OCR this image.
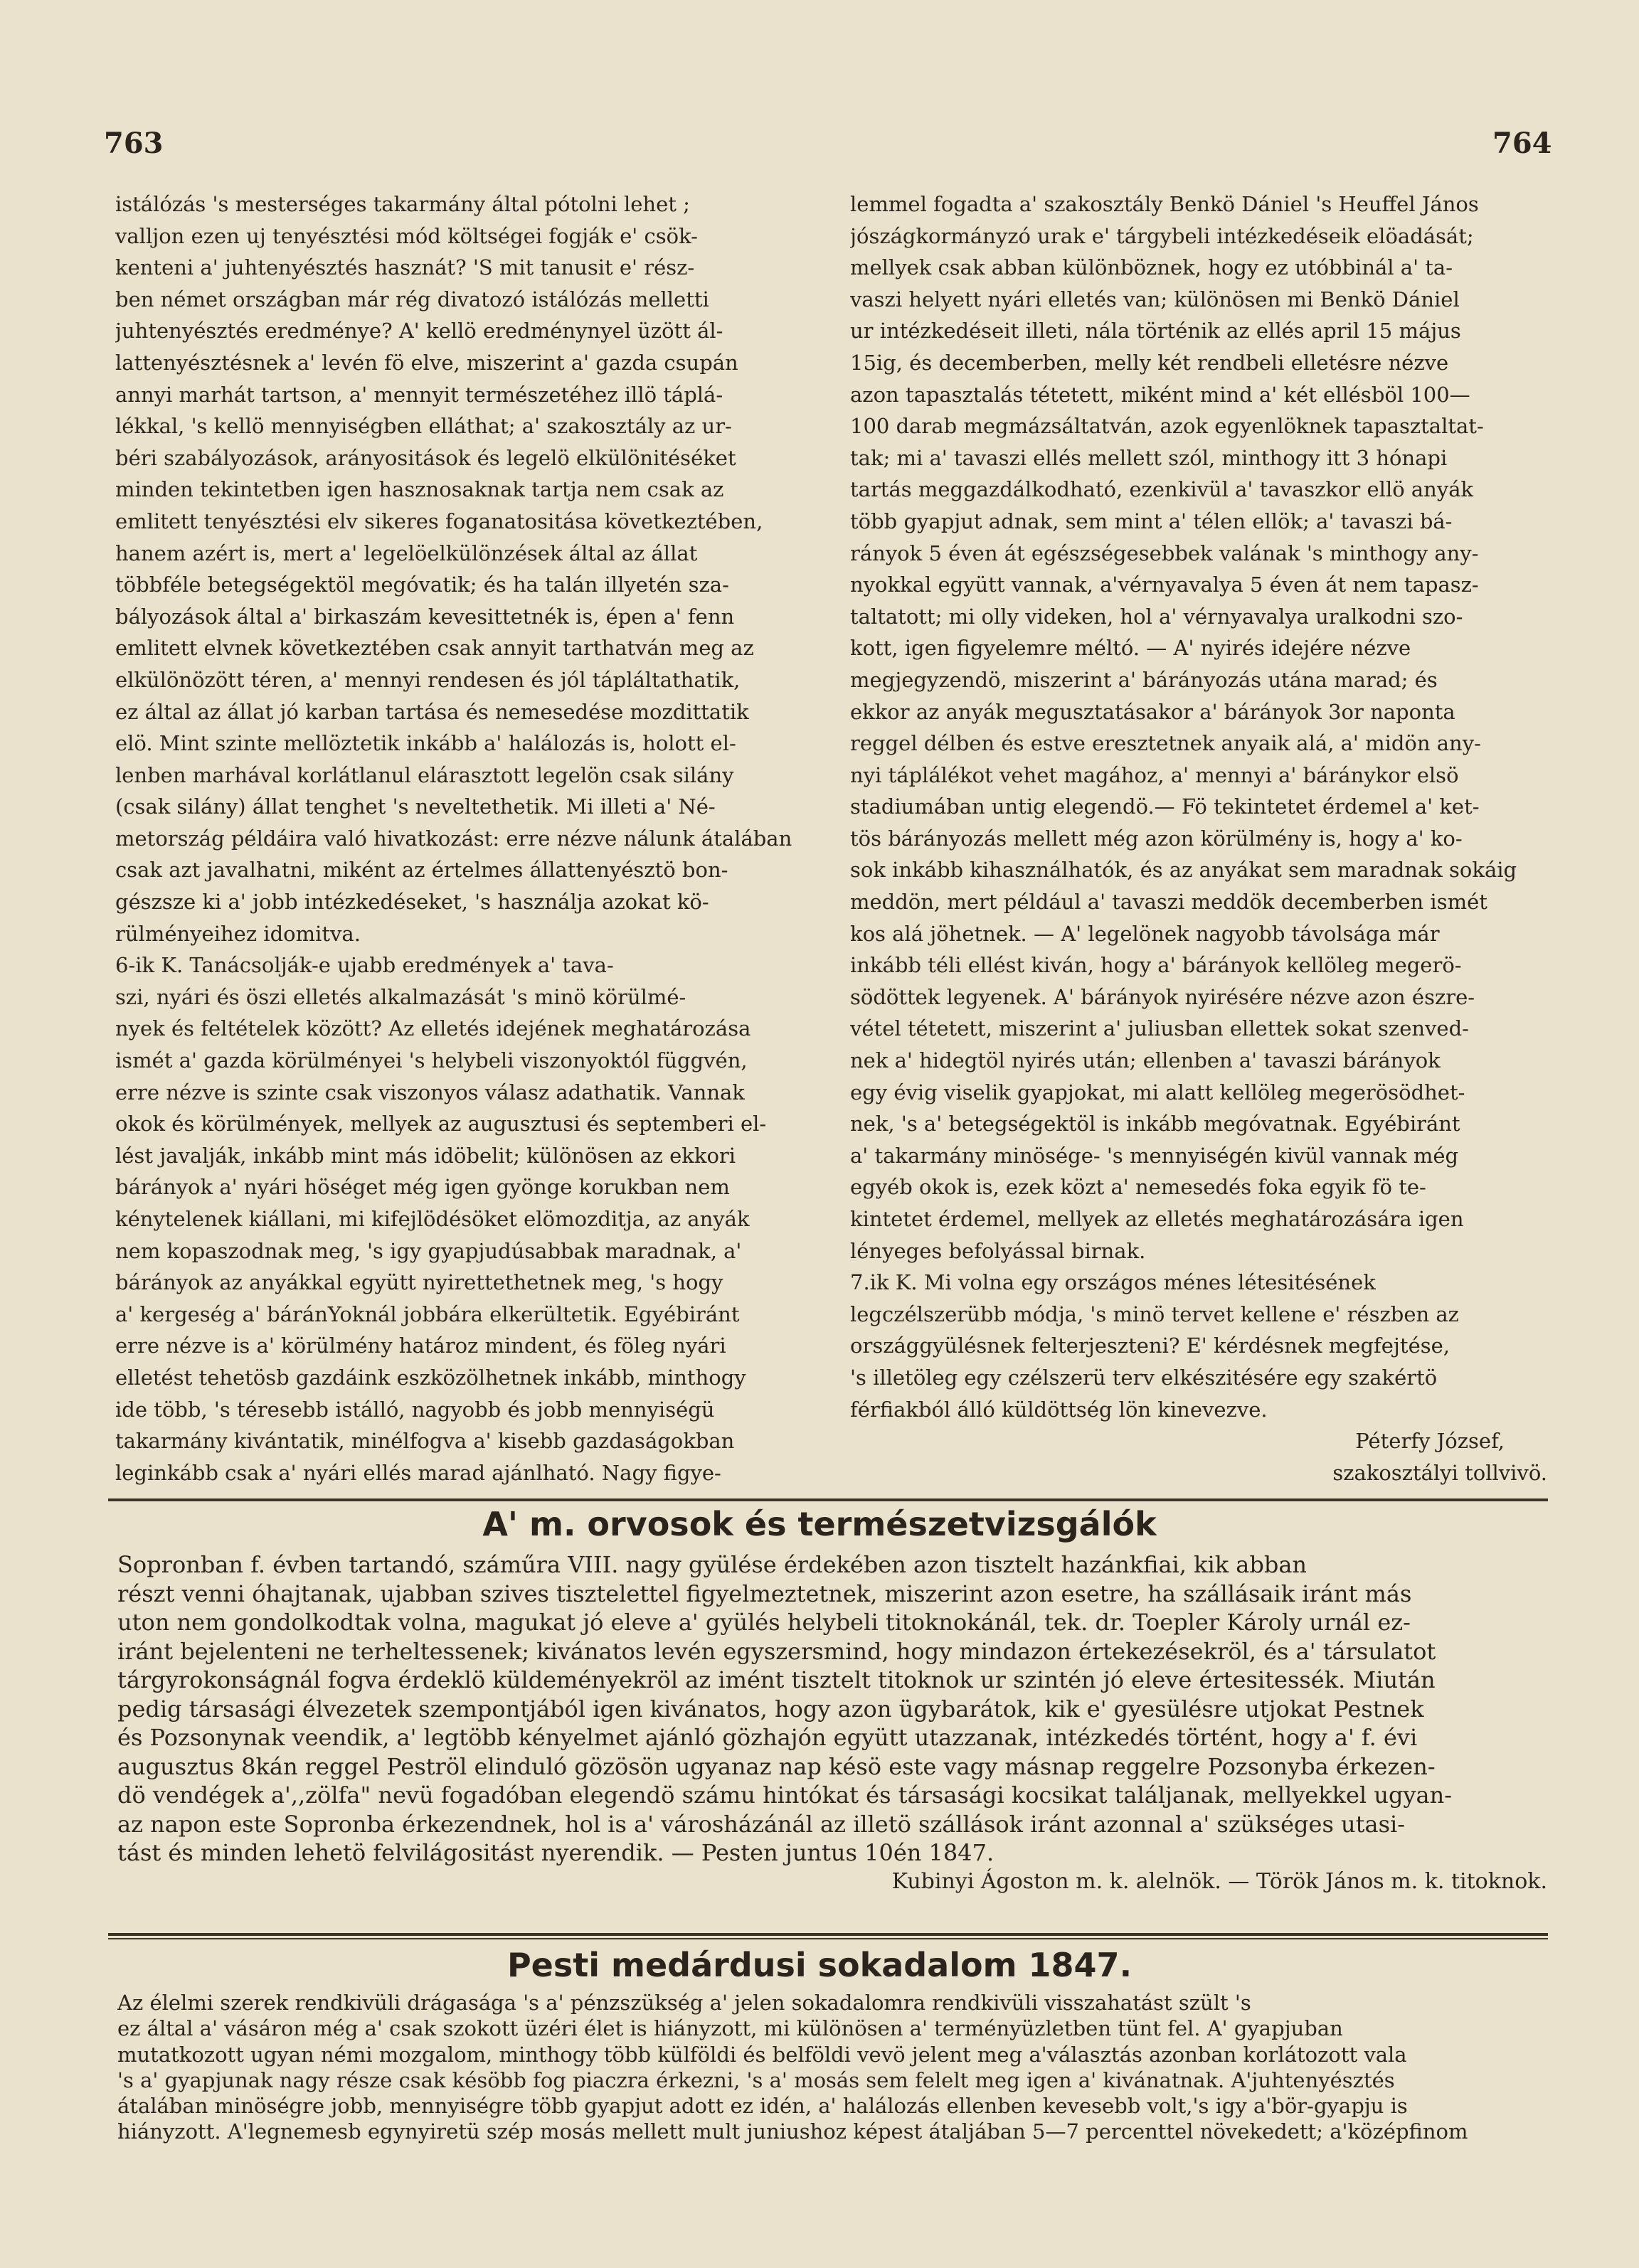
763	764
istálózás 's mesterséges takarmány által pótolni lehet ;
valljon ezen uj tenyésztési mód költségei fogják e' csök-
kenteni a' juhtenyésztés hasznát? 'S mit tanusit e' rész-
ben német országban már rég divatozó istálózás melletti
juhtenyésztés eredménye? A' kellö eredménynyel üzött ál-
lattenyésztésnek a' levén fö elve, miszerint a' gazda csupán
annyi marhát tartson, a' mennyit természetéhez illö táplá-
lékkal, 's kellö mennyiségben elláthat; a' szakosztály az ur-
béri szabályozások, arányositások és legelö elkülönitéséket
minden tekintetben igen hasznosaknak tartja nem csak az
emlitett tenyésztési elv sikeres foganatositása következtében,
hanem azért is, mert a' legelöelkülönzések által az állat
többféle betegségektöl megóvatik; és ha talán illyetén sza-
bályozások által a' birkaszám kevesittetnék is, épen a' fenn
emlitett elvnek következtében csak annyit tarthatván meg az
elkülönözött téren, a' mennyi rendesen és jól tápláltathatik,
ez által az állat jó karban tartása és nemesedése mozdittatik
elö. Mint szinte mellöztetik inkább a' halálozás is, holott el-
lenben marhával korlátlanul elárasztott legelön csak silány
(csak silány) állat tenghet 's neveltethetik. Mi illeti a' Né-
metország példáira való hivatkozást: erre nézve nálunk átalában
csak azt javalhatni, miként az értelmes állattenyésztö bon-
gészsze ki a' jobb intézkedéseket, 's használja azokat kö-
rülményeihez idomitva.
6-ik K. Tanácsolják-e ujabb eredmények a' tava-
szi, nyári és öszi elletés alkalmazását 's minö körülmé-
nyek és feltételek között? Az elletés idejének meghatározása
ismét a' gazda körülményei 's helybeli viszonyoktól függvén,
erre nézve is szinte csak viszonyos válasz adathatik. Vannak
okok és körülmények, mellyek az augusztusi és septemberi el-
lést javalják, inkább mint más idöbelit; különösen az ekkori
bárányok a' nyári höséget még igen gyönge korukban nem
kénytelenek kiállani, mi kifejlödésöket elömozditja, az anyák
nem kopaszodnak meg, 's igy gyapjudúsabbak maradnak, a'
bárányok az anyákkal együtt nyirettethetnek meg, 's hogy
a' kergeség a' báránYoknál jobbára elkerültetik. Egyébiránt
erre nézve is a' körülmény határoz mindent, és föleg nyári
elletést tehetösb gazdáink eszközölhetnek inkább, minthogy
ide több, 's téresebb istálló, nagyobb és jobb mennyiségü
takarmány kivántatik, minélfogva a' kisebb gazdaságokban
leginkább csak a' nyári ellés marad ajánlható. Nagy figye-
lemmel fogadta a' szakosztály Benkö Dániel 's Heuffel János
jószágkormányzó urak e' tárgybeli intézkedéseik elöadását;
mellyek csak abban különböznek, hogy ez utóbbinál a' ta-
vaszi helyett nyári elletés van; különösen mi Benkö Dániel
ur intézkedéseit illeti, nála történik az ellés april 15 május
15ig, és decemberben, melly két rendbeli elletésre nézve
azon tapasztalás tétetett, miként mind a' két ellésböl 100—
100 darab megmázsáltatván, azok egyenlöknek tapasztaltat-
tak; mi a' tavaszi ellés mellett szól, minthogy itt 3 hónapi
tartás meggazdálkodható, ezenkivül a' tavaszkor ellö anyák
több gyapjut adnak, sem mint a' télen ellök; a' tavaszi bá-
rányok 5 éven át egészségesebbek valának 's minthogy any-
nyokkal együtt vannak, a'vérnyavalya 5 éven át nem tapasz-
taltatott; mi olly videken, hol a' vérnyavalya uralkodni szo-
kott, igen figyelemre méltó. — A' nyirés idejére nézve
megjegyzendö, miszerint a' bárányozás utána marad; és
ekkor az anyák megusztatásakor a' bárányok 3or naponta
reggel délben és estve eresztetnek anyaik alá, a' midön any-
nyi táplálékot vehet magához, a' mennyi a' báránykor elsö
stadiumában untig elegendö.— Fö tekintetet érdemel a' ket-
tös bárányozás mellett még azon körülmény is, hogy a' ko-
sok inkább kihasználhatók, és az anyákat sem maradnak sokáig
meddön, mert például a' tavaszi meddök decemberben ismét
kos alá jöhetnek. — A' legelönek nagyobb távolsága már
inkább téli ellést kiván, hogy a' bárányok kellöleg megerö-
södöttek legyenek. A' bárányok nyirésére nézve azon észre-
vétel tétetett, miszerint a' juliusban ellettek sokat szenved-
nek a' hidegtöl nyirés után; ellenben a' tavaszi bárányok
egy évig viselik gyapjokat, mi alatt kellöleg megerösödhet-
nek, 's a' betegségektöl is inkább megóvatnak. Egyébiránt
a' takarmány minösége- 's mennyiségén kivül vannak még
egyéb okok is, ezek közt a' nemesedés foka egyik fö te-
kintetet érdemel, mellyek az elletés meghatározására igen
lényeges befolyással birnak.
7.ik K. Mi volna egy országos ménes létesitésének
legczélszerübb módja, 's minö tervet kellene e' részben az
országgyülésnek felterjeszteni? E' kérdésnek megfejtése,
's illetöleg egy czélszerü terv elkészitésére egy szakértö
férfiakból álló küldöttség lön kinevezve.
Péterfy József,
szakosztályi tollvivö.
A' m. orvosok és természetvizsgálók
Sopronban f. évben tartandó, száműra VIII. nagy gyülése érdekében azon tisztelt hazánkfiai, kik abban
részt venni óhajtanak, ujabban szives tisztelettel figyelmeztetnek, miszerint azon esetre, ha szállásaik iránt más
uton nem gondolkodtak volna, magukat jó eleve a' gyülés helybeli titoknokánál, tek. dr. Toepler Károly urnál ez-
iránt bejelenteni ne terheltessenek; kivánatos levén egyszersmind, hogy mindazon értekezésekröl, és a' társulatot
tárgyrokonságnál fogva érdeklö küldeményekröl az imént tisztelt titoknok ur szintén jó eleve értesitessék. Miután
pedig társasági élvezetek szempontjából igen kivánatos, hogy azon ügybarátok, kik e' gyesülésre utjokat Pestnek
és Pozsonynak veendik, a' legtöbb kényelmet ajánló gözhajón együtt utazzanak, intézkedés történt, hogy a' f. évi
augusztus 8kán reggel Peströl elinduló gözösön ugyanaz nap késö este vagy másnap reggelre Pozsonyba érkezen-
dö vendégek a',,zölfa" nevü fogadóban elegendö számu hintókat és társasági kocsikat találjanak, mellyekkel ugyan-
az napon este Sopronba érkezendnek, hol is a' városházánál az illetö szállások iránt azonnal a' szükséges utasi-
tást és minden lehetö felvilágositást nyerendik. — Pesten juntus 10én 1847.
Kubinyi Ágoston m. k. alelnök. — Török János m. k. titoknok.
Pesti medárdusi sokadalom 1847.
Az élelmi szerek rendkivüli drágasága 's a' pénzszükség a' jelen sokadalomra rendkivüli visszahatást szült 's
ez által a' vásáron még a' csak szokott üzéri élet is hiányzott, mi különösen a' terményüzletben tünt fel. A' gyapjuban
mutatkozott ugyan némi mozgalom, minthogy több külföldi és belföldi vevö jelent meg a'választás azonban korlátozott vala
's a' gyapjunak nagy része csak késöbb fog piaczra érkezni, 's a' mosás sem felelt meg igen a' kivánatnak. A'juhtenyésztés
átalában minöségre jobb, mennyiségre több gyapjut adott ez idén, a' halálozás ellenben kevesebb volt,'s igy a'bör-gyapju is
hiányzott. A'legnemesb egynyiretü szép mosás mellett mult juniushoz képest átaljában 5—7 percenttel növekedett; a'középfinom
